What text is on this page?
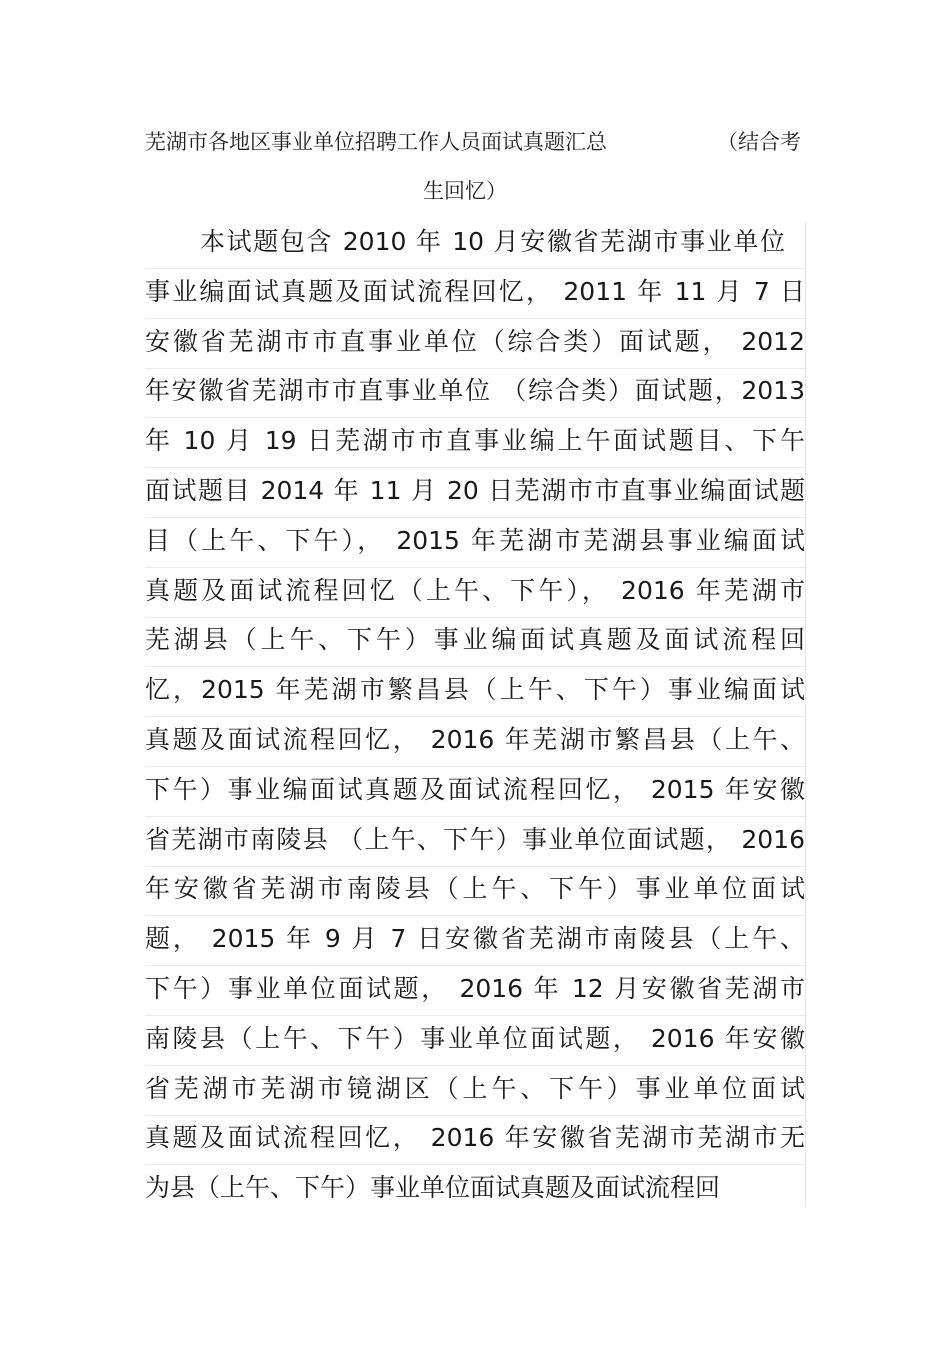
芜湖市各地区事业单位招聘工作人员面试真题汇总	（结合考
生回忆）
本试题包含 2010 年 10 月安徽省芜湖市事业单位
事业编面试真题及面试流程回忆， 2011 年 11 月 7 日
安徽省芜湖市市直事业单位（综合类）面试题， 2012
年安徽省芜湖市市直事业单位 （综合类）面试题，2013
年 10 月 19 日芜湖市市直事业编上午面试题目、下午
面试题目 2014 年 11 月 20 日芜湖市市直事业编面试题
目（上午、下午）， 2015 年芜湖市芜湖县事业编面试
真题及面试流程回忆（上午、下午）， 2016 年芜湖市
芜湖县（上午、下午）事业编面试真题及面试流程回
忆，2015 年芜湖市繁昌县（上午、下午）事业编面试
真题及面试流程回忆， 2016 年芜湖市繁昌县（上午、
下午）事业编面试真题及面试流程回忆， 2015 年安徽
省芜湖市南陵县 （上午、下午）事业单位面试题， 2016
年安徽省芜湖市南陵县（上午、下午）事业单位面试
题， 2015 年 9 月 7 日安徽省芜湖市南陵县（上午、
下午）事业单位面试题， 2016 年 12 月安徽省芜湖市
南陵县（上午、下午）事业单位面试题， 2016 年安徽
省芜湖市芜湖市镜湖区（上午、下午）事业单位面试
真题及面试流程回忆， 2016 年安徽省芜湖市芜湖市无
为县（上午、下午）事业单位面试真题及面试流程回
